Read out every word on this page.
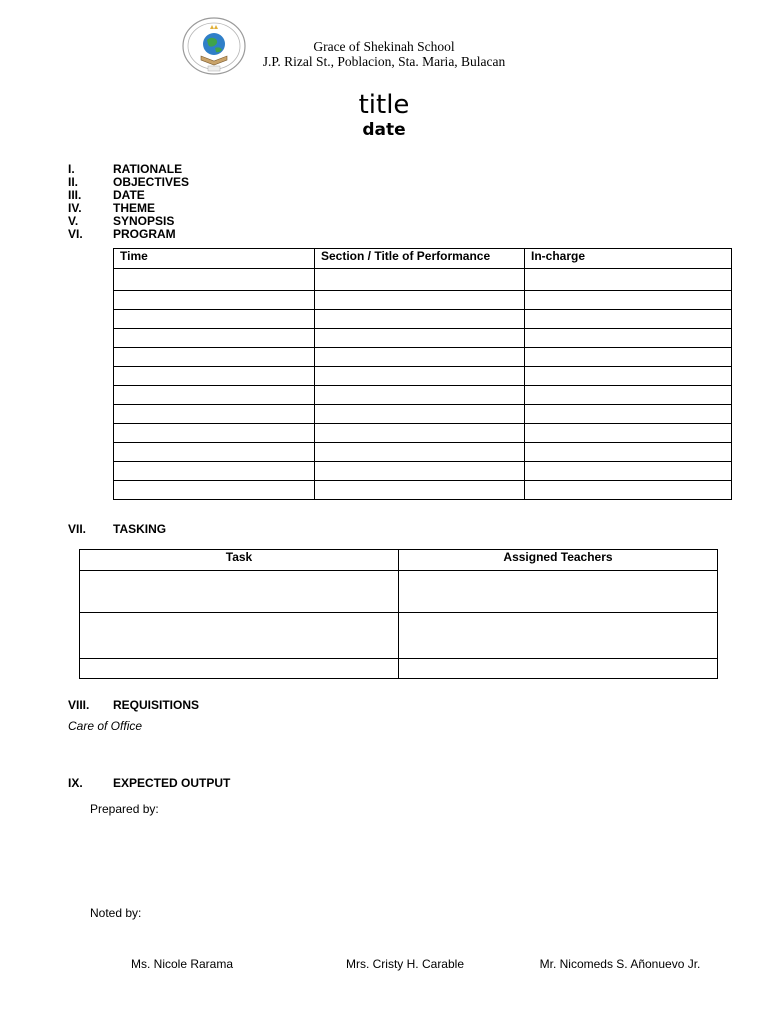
Grace of Shekinah School
J.P. Rizal St., Poblacion, Sta. Maria, Bulacan
title
date
I.	RATIONALE
II.	OBJECTIVES
III.	DATE
IV.	THEME
V.	SYNOPSIS
VI.	PROGRAM
Time	Section / Title of Performance	In-charge

VII. TASKING
Task	Assigned Teachers

VIII. REQUISITIONS
Care of Office
IX.	EXPECTED OUTPUT
Prepared by:
Noted by:
Ms. Nicole Rarama	Mrs. Cristy H. Carable	Mr. Nicomeds S. Añonuevo Jr.
